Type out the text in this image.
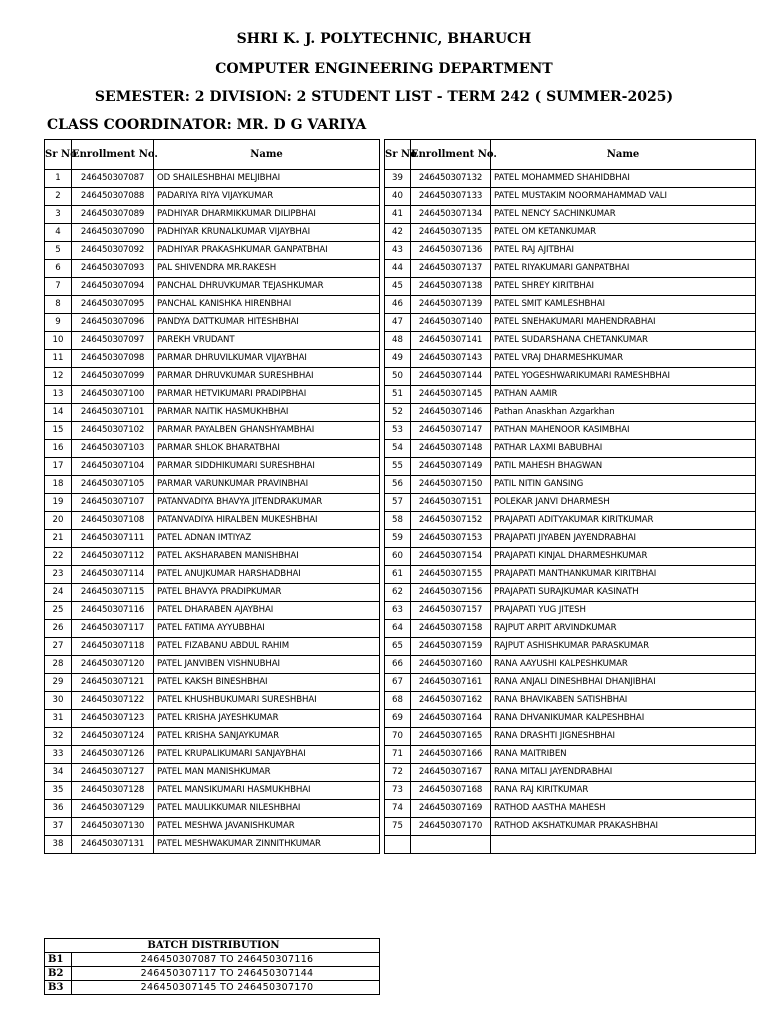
SHRI K. J. POLYTECHNIC, BHARUCH
COMPUTER ENGINEERING DEPARTMENT
SEMESTER: 2 DIVISION: 2 STUDENT LIST - TERM 242 ( SUMMER-2025)
CLASS COORDINATOR: MR. D G VARIYA
Sr No	Enrollment No.	Name
1	246450307087	OD SHAILESHBHAI MELJIBHAI
2	246450307088	PADARIYA RIYA VIJAYKUMAR
3	246450307089	PADHIYAR DHARMIKKUMAR DILIPBHAI
4	246450307090	PADHIYAR KRUNALKUMAR VIJAYBHAI
5	246450307092	PADHIYAR PRAKASHKUMAR GANPATBHAI
6	246450307093	PAL SHIVENDRA MR.RAKESH
7	246450307094	PANCHAL DHRUVKUMAR TEJASHKUMAR
8	246450307095	PANCHAL KANISHKA HIRENBHAI
9	246450307096	PANDYA DATTKUMAR HITESHBHAI
10	246450307097	PAREKH VRUDANT
11	246450307098	PARMAR DHRUVILKUMAR VIJAYBHAI
12	246450307099	PARMAR DHRUVKUMAR SURESHBHAI
13	246450307100	PARMAR HETVIKUMARI PRADIPBHAI
14	246450307101	PARMAR NAITIK HASMUKHBHAI
15	246450307102	PARMAR PAYALBEN GHANSHYAMBHAI
16	246450307103	PARMAR SHLOK BHARATBHAI
17	246450307104	PARMAR SIDDHIKUMARI SURESHBHAI
18	246450307105	PARMAR VARUNKUMAR PRAVINBHAI
19	246450307107	PATANVADIYA BHAVYA JITENDRAKUMAR
20	246450307108	PATANVADIYA HIRALBEN MUKESHBHAI
21	246450307111	PATEL ADNAN IMTIYAZ
22	246450307112	PATEL AKSHARABEN MANISHBHAI
23	246450307114	PATEL ANUJKUMAR HARSHADBHAI
24	246450307115	PATEL BHAVYA PRADIPKUMAR
25	246450307116	PATEL DHARABEN AJAYBHAI
26	246450307117	PATEL FATIMA AYYUBBHAI
27	246450307118	PATEL FIZABANU ABDUL RAHIM
28	246450307120	PATEL JANVIBEN VISHNUBHAI
29	246450307121	PATEL KAKSH BINESHBHAI
30	246450307122	PATEL KHUSHBUKUMARI SURESHBHAI
31	246450307123	PATEL KRISHA JAYESHKUMAR
32	246450307124	PATEL KRISHA SANJAYKUMAR
33	246450307126	PATEL KRUPALIKUMARI SANJAYBHAI
34	246450307127	PATEL MAN MANISHKUMAR
35	246450307128	PATEL MANSIKUMARI HASMUKHBHAI
36	246450307129	PATEL MAULIKKUMAR NILESHBHAI
37	246450307130	PATEL MESHWA JAVANISHKUMAR
38	246450307131	PATEL MESHWAKUMAR ZINNITHKUMAR
Sr No	Enrollment No.	Name
39	246450307132	PATEL MOHAMMED SHAHIDBHAI
40	246450307133	PATEL MUSTAKIM NOORMAHAMMAD VALI
41	246450307134	PATEL NENCY SACHINKUMAR
42	246450307135	PATEL OM KETANKUMAR
43	246450307136	PATEL RAJ AJITBHAI
44	246450307137	PATEL RIYAKUMARI GANPATBHAI
45	246450307138	PATEL SHREY KIRITBHAI
46	246450307139	PATEL SMIT KAMLESHBHAI
47	246450307140	PATEL SNEHAKUMARI MAHENDRABHAI
48	246450307141	PATEL SUDARSHANA CHETANKUMAR
49	246450307143	PATEL VRAJ DHARMESHKUMAR
50	246450307144	PATEL YOGESHWARIKUMARI RAMESHBHAI
51	246450307145	PATHAN AAMIR
52	246450307146	Pathan Anaskhan Azgarkhan
53	246450307147	PATHAN MAHENOOR KASIMBHAI
54	246450307148	PATHAR LAXMI BABUBHAI
55	246450307149	PATIL MAHESH BHAGWAN
56	246450307150	PATIL NITIN GANSING
57	246450307151	POLEKAR JANVI DHARMESH
58	246450307152	PRAJAPATI ADITYAKUMAR KIRITKUMAR
59	246450307153	PRAJAPATI JIYABEN JAYENDRABHAI
60	246450307154	PRAJAPATI KINJAL DHARMESHKUMAR
61	246450307155	PRAJAPATI MANTHANKUMAR KIRITBHAI
62	246450307156	PRAJAPATI SURAJKUMAR KASINATH
63	246450307157	PRAJAPATI YUG JITESH
64	246450307158	RAJPUT ARPIT ARVINDKUMAR
65	246450307159	RAJPUT ASHISHKUMAR PARASKUMAR
66	246450307160	RANA AAYUSHI KALPESHKUMAR
67	246450307161	RANA ANJALI DINESHBHAI DHANJIBHAI
68	246450307162	RANA BHAVIKABEN SATISHBHAI
69	246450307164	RANA DHVANIKUMAR KALPESHBHAI
70	246450307165	RANA DRASHTI JIGNESHBHAI
71	246450307166	RANA MAITRIBEN
72	246450307167	RANA MITALI JAYENDRABHAI
73	246450307168	RANA RAJ KIRITKUMAR
74	246450307169	RATHOD AASTHA MAHESH
75	246450307170	RATHOD AKSHATKUMAR PRAKASHBHAI

BATCH DISTRIBUTION	
B1	246450307087 TO 246450307116
B2	246450307117 TO 246450307144
B3	246450307145 TO 246450307170
